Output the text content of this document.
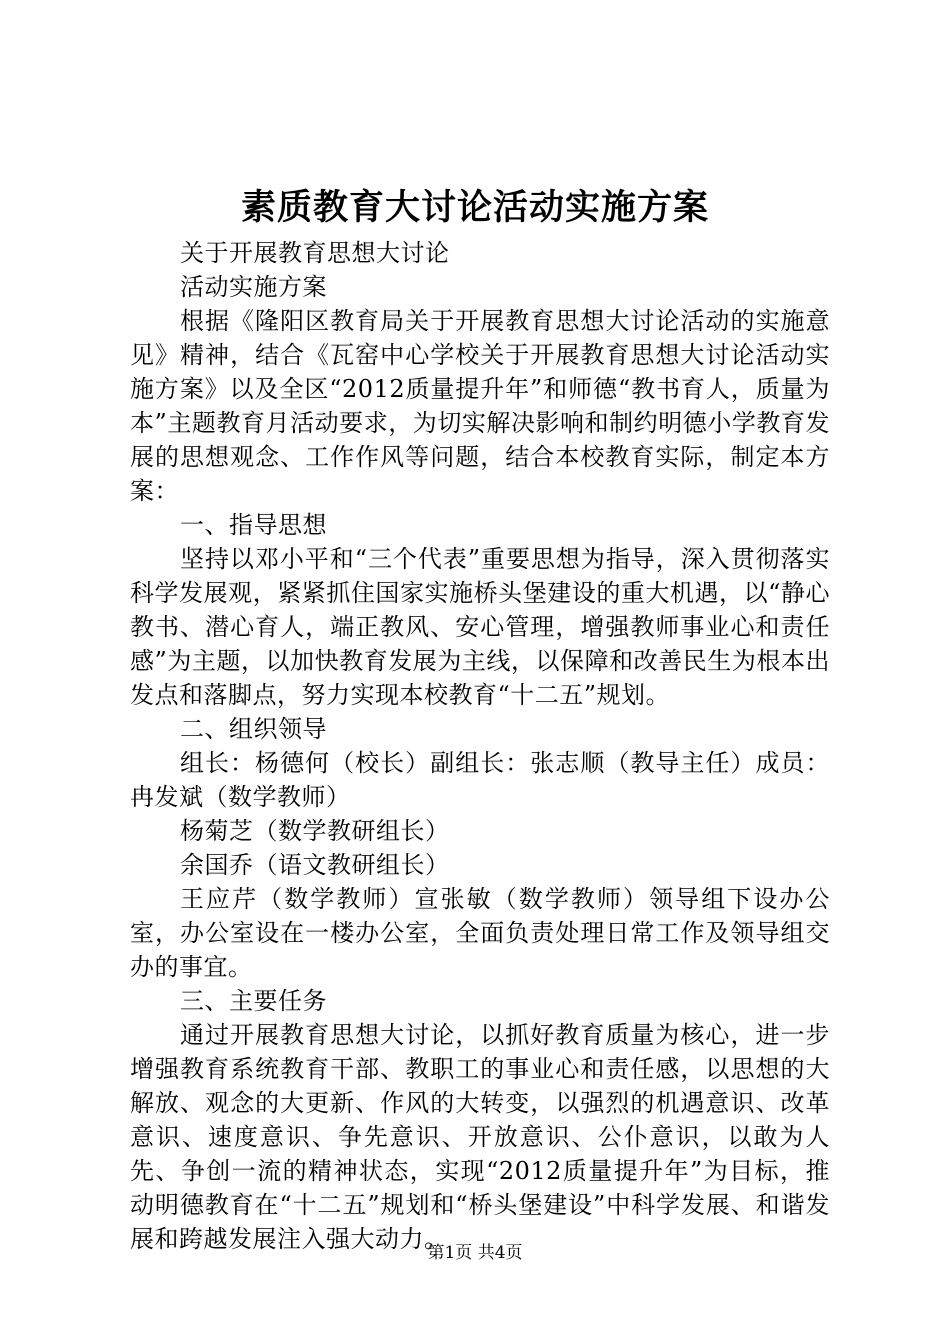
素质教育大讨论活动实施方案

关于开展教育思想大讨论

活动实施方案

根据《隆阳区教育局关于开展教育思想大讨论活动的实施意见》精神，结合《瓦窑中心学校关于开展教育思想大讨论活动实施方案》以及全区“2012质量提升年”和师德“教书育人，质量为本”主题教育月活动要求，为切实解决影响和制约明德小学教育发展的思想观念、工作作风等问题，结合本校教育实际，制定本方案：

一、指导思想

坚持以邓小平和“三个代表”重要思想为指导，深入贯彻落实科学发展观，紧紧抓住国家实施桥头堡建设的重大机遇，以“静心教书、潜心育人，端正教风、安心管理，增强教师事业心和责任感”为主题，以加快教育发展为主线，以保障和改善民生为根本出发点和落脚点，努力实现本校教育“十二五”规划。

二、组织领导

组长：杨德何（校长）副组长：张志顺（教导主任）成员：冉发斌（数学教师）

杨菊芝（数学教研组长）

余国乔（语文教研组长）

王应芹（数学教师）宣张敏（数学教师）领导组下设办公室，办公室设在一楼办公室，全面负责处理日常工作及领导组交办的事宜。

三、主要任务

通过开展教育思想大讨论，以抓好教育质量为核心，进一步增强教育系统教育干部、教职工的事业心和责任感，以思想的大解放、观念的大更新、作风的大转变，以强烈的机遇意识、改革意识、速度意识、争先意识、开放意识、公仆意识，以敢为人先、争创一流的精神状态，实现“2012质量提升年”为目标，推动明德教育在“十二五”规划和“桥头堡建设”中科学发展、和谐发展和跨越发展注入强大动力。

第1页 共4页
